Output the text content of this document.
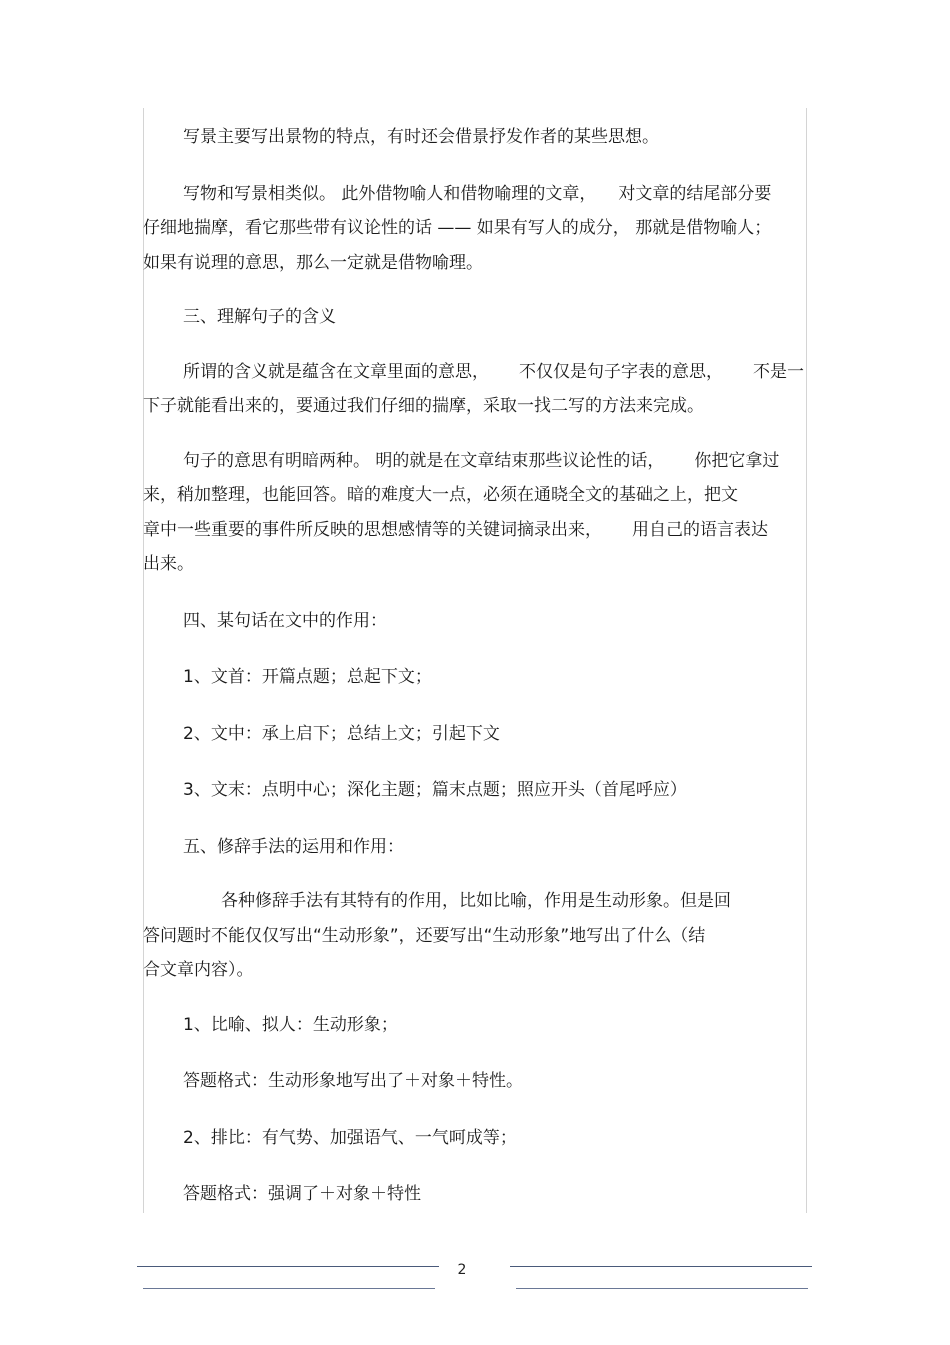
写景主要写出景物的特点，有时还会借景抒发作者的某些思想。

写物和写景相类似。 此外借物喻人和借物喻理的文章， 对文章的结尾部分要
仔细地揣摩，看它那些带有议论性的话 —— 如果有写人的成分， 那就是借物喻人；
如果有说理的意思，那么一定就是借物喻理。

三、理解句子的含义

所谓的含义就是蕴含在文章里面的意思， 不仅仅是句子字表的意思， 不是一
下子就能看出来的，要通过我们仔细的揣摩，采取一找二写的方法来完成。

句子的意思有明暗两种。 明的就是在文章结束那些议论性的话， 你把它拿过
来，稍加整理，也能回答。暗的难度大一点，必须在通晓全文的基础之上，把文
章中一些重要的事件所反映的思想感情等的关键词摘录出来， 用自己的语言表达
出来。

四、某句话在文中的作用：

1、文首：开篇点题；总起下文；

2、文中：承上启下；总结上文；引起下文

3、文末：点明中心；深化主题；篇末点题；照应开头（首尾呼应）

五、修辞手法的运用和作用：

各种修辞手法有其特有的作用，比如比喻，作用是生动形象。但是回
答问题时不能仅仅写出“生动形象”，还要写出“生动形象”地写出了什么（结
合文章内容）。

1、比喻、拟人：生动形象；

答题格式：生动形象地写出了＋对象＋特性。

2、排比：有气势、加强语气、一气呵成等；

答题格式：强调了＋对象＋特性

2
